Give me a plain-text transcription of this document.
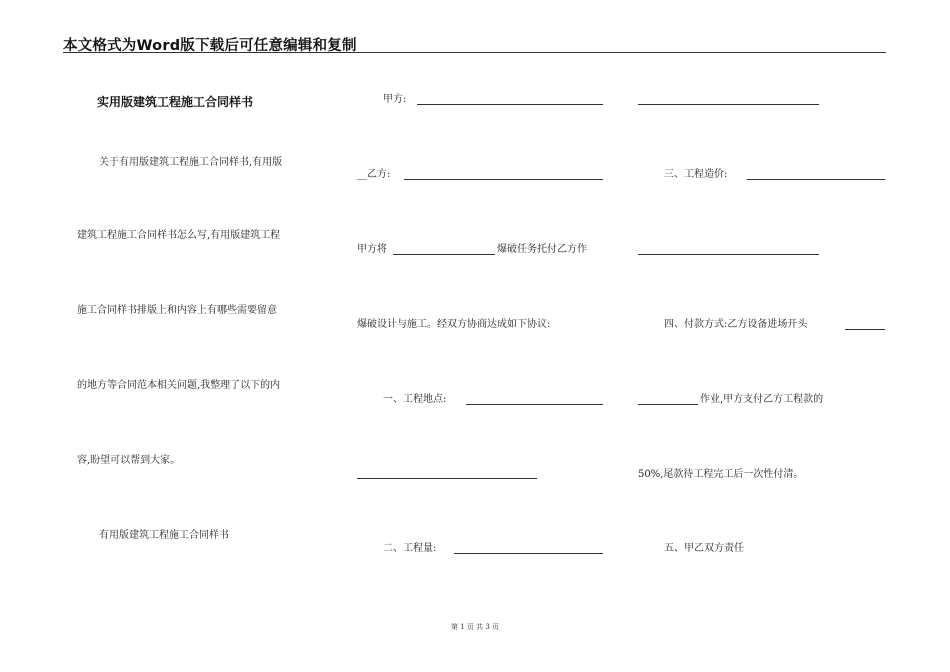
本文格式为Word版下载后可任意编辑和复制
实用版建筑工程施工合同样书
关于有用版建筑工程施工合同样书,有用版
建筑工程施工合同样书怎么写,有用版建筑工程
施工合同样书排版上和内容上有哪些需要留意
的地方等合同范本相关问题,我整理了以下的内
容,盼望可以帮到大家。
有用版建筑工程施工合同样书
甲方:
__乙方:
甲方将	爆破任务托付乙方作
爆破设计与施工。经双方协商达成如下协议:
一、工程地点:
二、工程量:
三、工程造价:
四、付款方式:乙方设备进场开头
作业,甲方支付乙方工程款的
50%,尾款待工程完工后一次性付清。
五、甲乙双方责任
第 1 页 共 3 页
